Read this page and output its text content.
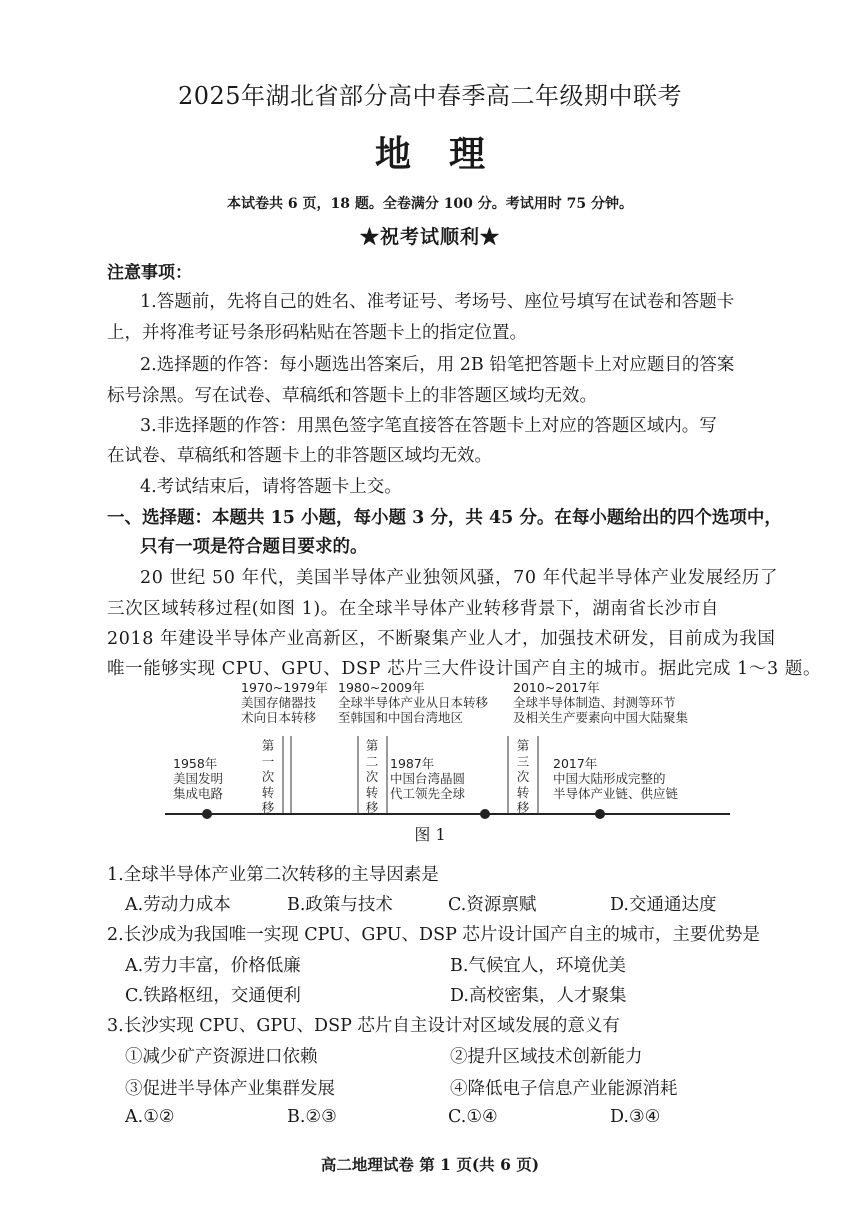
2025年湖北省部分高中春季高二年级期中联考
地理
本试卷共 6 页，18 题。全卷满分 100 分。考试用时 75 分钟。
★祝考试顺利★
注意事项：
1.答题前，先将自己的姓名、准考证号、考场号、座位号填写在试卷和答题卡
上，并将准考证号条形码粘贴在答题卡上的指定位置。
2.选择题的作答：每小题选出答案后，用 2B 铅笔把答题卡上对应题目的答案
标号涂黑。写在试卷、草稿纸和答题卡上的非答题区域均无效。
3.非选择题的作答：用黑色签字笔直接答在答题卡上对应的答题区域内。写
在试卷、草稿纸和答题卡上的非答题区域均无效。
4.考试结束后，请将答题卡上交。
一、选择题：本题共 15 小题，每小题 3 分，共 45 分。在每小题给出的四个选项中，
只有一项是符合题目要求的。
20 世纪 50 年代，美国半导体产业独领风骚，70 年代起半导体产业发展经历了
三次区域转移过程(如图 1)。在全球半导体产业转移背景下，湖南省长沙市自
2018 年建设半导体产业高新区，不断聚集产业人才，加强技术研发，目前成为我国
唯一能够实现 CPU、GPU、DSP 芯片三大件设计国产自主的城市。据此完成 1～3 题。
1970~1979年
美国存储器技
术向日本转移
1980~2009年
全球半导体产业从日本转移
至韩国和中国台湾地区
2010~2017年
全球半导体制造、封测等环节
及相关生产要素向中国大陆聚集
第一次转移
第二次转移
第三次转移
1958年
美国发明
集成电路
1987年
中国台湾晶圆
代工领先全球
2017年
中国大陆形成完整的
半导体产业链、供应链
图 1
1.全球半导体产业第二次转移的主导因素是
A.劳动力成本	B.政策与技术	C.资源禀赋	D.交通通达度
2.长沙成为我国唯一实现 CPU、GPU、DSP 芯片设计国产自主的城市，主要优势是
A.劳力丰富，价格低廉	B.气候宜人，环境优美
C.铁路枢纽，交通便利	D.高校密集，人才聚集
3.长沙实现 CPU、GPU、DSP 芯片自主设计对区域发展的意义有
①减少矿产资源进口依赖	②提升区域技术创新能力
③促进半导体产业集群发展	④降低电子信息产业能源消耗
A.①②	B.②③	C.①④	D.③④
高二地理试卷 第 1 页(共 6 页)
